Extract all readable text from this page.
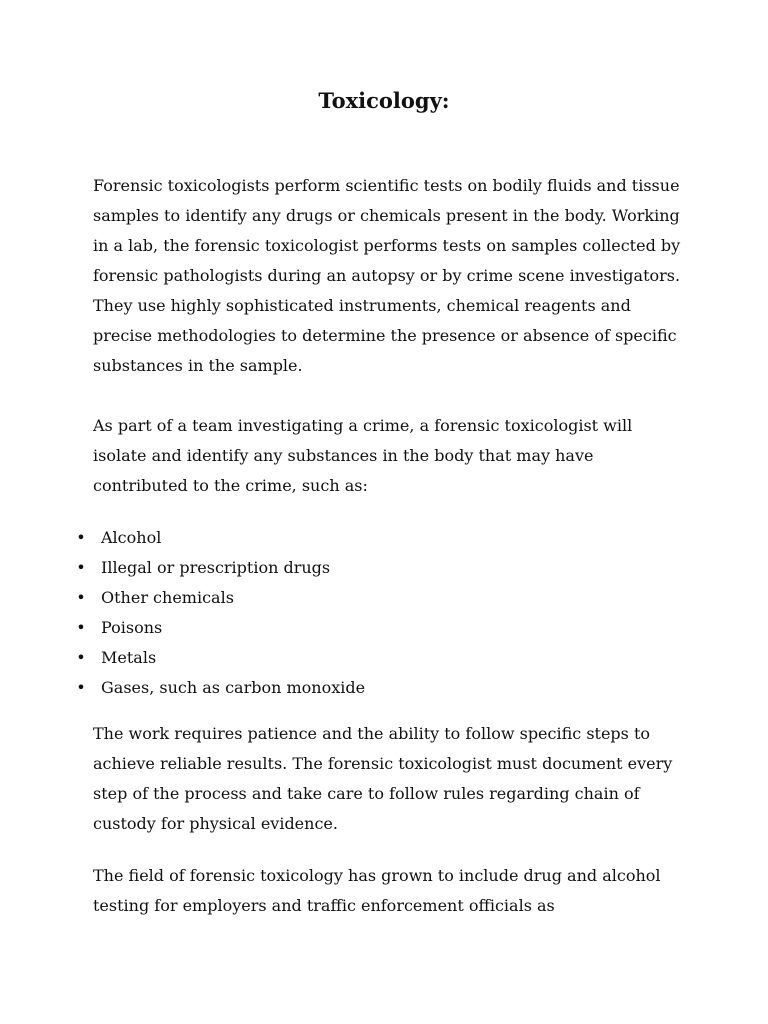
Toxicology:

Forensic toxicologists perform scientific tests on bodily fluids and tissue samples to identify any drugs or chemicals present in the body. Working in a lab, the forensic toxicologist performs tests on samples collected by forensic pathologists during an autopsy or by crime scene investigators. They use highly sophisticated instruments, chemical reagents and precise methodologies to determine the presence or absence of specific substances in the sample.

As part of a team investigating a crime, a forensic toxicologist will isolate and identify any substances in the body that may have contributed to the crime, such as:

• Alcohol
• Illegal or prescription drugs
• Other chemicals
• Poisons
• Metals
• Gases, such as carbon monoxide

The work requires patience and the ability to follow specific steps to achieve reliable results. The forensic toxicologist must document every step of the process and take care to follow rules regarding chain of custody for physical evidence.

The field of forensic toxicology has grown to include drug and alcohol testing for employers and traffic enforcement officials as
